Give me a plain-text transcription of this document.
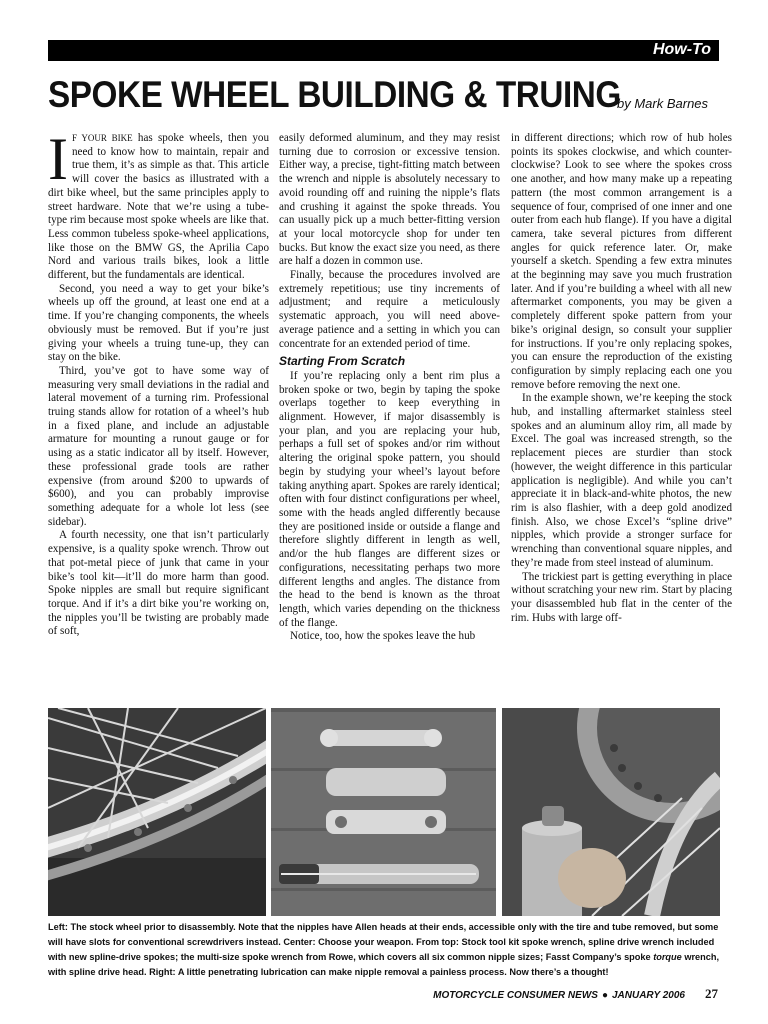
How-To
SPOKE WHEEL BUILDING & TRUING
by Mark Barnes

IF YOUR BIKE has spoke wheels, then you need to know how to maintain, repair and true them, it’s as simple as that. This article will cover the basics as illustrated with a dirt bike wheel, but the same principles apply to street hardware. Note that we’re using a tube-type rim because most spoke wheels are like that. Less common tubeless spoke-wheel applications, like those on the BMW GS, the Aprilia Capo Nord and various trails bikes, look a little different, but the fundamentals are identical.

Second, you need a way to get your bike’s wheels up off the ground, at least one end at a time. If you’re changing components, the wheels obviously must be removed. But if you’re just giving your wheels a truing tune-up, they can stay on the bike.

Third, you’ve got to have some way of measuring very small deviations in the radial and lateral movement of a turning rim. Professional truing stands allow for rotation of a wheel’s hub in a fixed plane, and include an adjustable armature for mounting a runout gauge or for using as a static indicator all by itself. However, these professional grade tools are rather expensive (from around $200 to upwards of $600), and you can probably improvise something adequate for a whole lot less (see sidebar).

A fourth necessity, one that isn’t particularly expensive, is a quality spoke wrench. Throw out that pot-metal piece of junk that came in your bike’s tool kit—it’ll do more harm than good. Spoke nipples are small but require significant torque. And if it’s a dirt bike you’re working on, the nipples you’ll be twisting are probably made of soft,

easily deformed aluminum, and they may resist turning due to corrosion or excessive tension. Either way, a precise, tight-fitting match between the wrench and nipple is absolutely necessary to avoid rounding off and ruining the nipple’s flats and crushing it against the spoke threads. You can usually pick up a much better-fitting version at your local motorcycle shop for under ten bucks. But know the exact size you need, as there are half a dozen in common use.

Finally, because the procedures involved are extremely repetitious; use tiny increments of adjustment; and require a meticulously systematic approach, you will need above-average patience and a setting in which you can concentrate for an extended period of time.

Starting From Scratch

If you’re replacing only a bent rim plus a broken spoke or two, begin by taping the spoke overlaps together to keep everything in alignment. However, if major disassembly is your plan, and you are replacing your hub, perhaps a full set of spokes and/or rim without altering the original spoke pattern, you should begin by studying your wheel’s layout before taking anything apart. Spokes are rarely identical; often with four distinct configurations per wheel, some with the heads angled differently because they are positioned inside or outside a flange and therefore slightly different in length as well, and/or the hub flanges are different sizes or configurations, necessitating perhaps two more different lengths and angles. The distance from the head to the bend is known as the throat length, which varies depending on the thickness of the flange.

Notice, too, how the spokes leave the hub

in different directions; which row of hub holes points its spokes clockwise, and which counter-clockwise? Look to see where the spokes cross one another, and how many make up a repeating pattern (the most common arrangement is a sequence of four, comprised of one inner and one outer from each hub flange). If you have a digital camera, take several pictures from different angles for quick reference later. Or, make yourself a sketch. Spending a few extra minutes at the beginning may save you much frustration later. And if you’re building a wheel with all new aftermarket components, you may be given a completely different spoke pattern from your bike’s original design, so consult your supplier for instructions. If you’re only replacing spokes, you can ensure the reproduction of the existing configuration by simply replacing each one you remove before removing the next one.

In the example shown, we’re keeping the stock hub, and installing aftermarket stainless steel spokes and an aluminum alloy rim, all made by Excel. The goal was increased strength, so the replacement pieces are sturdier than stock (however, the weight difference in this particular application is negligible). And while you can’t appreciate it in black-and-white photos, the new rim is also flashier, with a deep gold anodized finish. Also, we chose Excel’s “spline drive” nipples, which provide a stronger surface for wrenching than conventional square nipples, and they’re made from steel instead of aluminum.

The trickiest part is getting everything in place without scratching your new rim. Start by placing your disassembled hub flat in the center of the rim. Hubs with large off-

Left: The stock wheel prior to disassembly. Note that the nipples have Allen heads at their ends, accessible only with the tire and tube removed, but some will have slots for conventional screwdrivers instead. Center: Choose your weapon. From top: Stock tool kit spoke wrench, spline drive wrench included with new spline-drive spokes; the multi-size spoke wrench from Rowe, which covers all six common nipple sizes; Fasst Company’s spoke torque wrench, with spline drive head. Right: A little penetrating lubrication can make nipple removal a painless process. Now there’s a thought!
MOTORCYCLE CONSUMER NEWS ● JANUARY 2006 27
